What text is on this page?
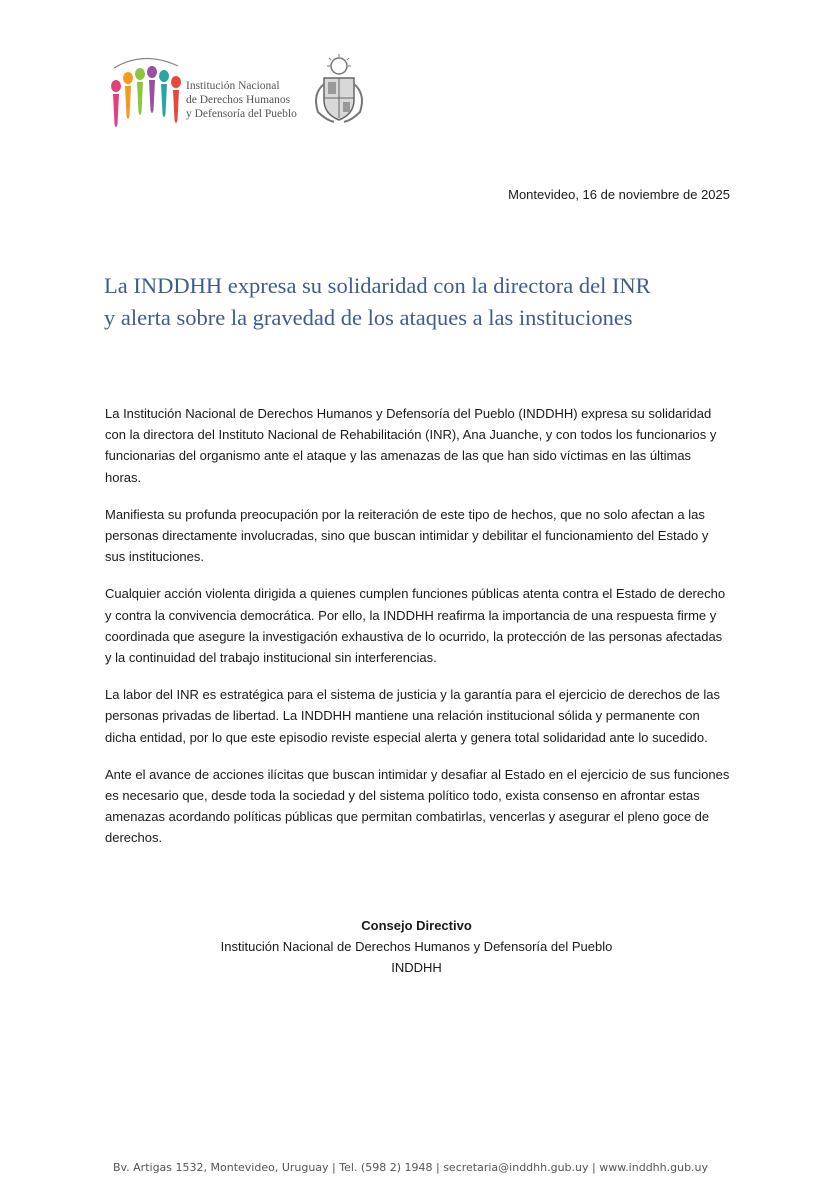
Institución Nacional
de Derechos Humanos
y Defensoría del Pueblo
Montevideo, 16 de noviembre de 2025
La INDDHH expresa su solidaridad con la directora del INR
y alerta sobre la gravedad de los ataques a las instituciones

La Institución Nacional de Derechos Humanos y Defensoría del Pueblo (INDDHH) expresa su solidaridad con la directora del Instituto Nacional de Rehabilitación (INR), Ana Juanche, y con todos los funcionarios y funcionarias del organismo ante el ataque y las amenazas de las que han sido víctimas en las últimas horas.

Manifiesta su profunda preocupación por la reiteración de este tipo de hechos, que no solo afectan a las personas directamente involucradas, sino que buscan intimidar y debilitar el funcionamiento del Estado y sus instituciones.

Cualquier acción violenta dirigida a quienes cumplen funciones públicas atenta contra el Estado de derecho y contra la convivencia democrática. Por ello, la INDDHH reafirma la importancia de una respuesta firme y coordinada que asegure la investigación exhaustiva de lo ocurrido, la protección de las personas afectadas y la continuidad del trabajo institucional sin interferencias.

La labor del INR es estratégica para el sistema de justicia y la garantía para el ejercicio de derechos de las personas privadas de libertad. La INDDHH mantiene una relación institucional sólida y permanente con dicha entidad, por lo que este episodio reviste especial alerta y genera total solidaridad ante lo sucedido.

Ante el avance de acciones ilícitas que buscan intimidar y desafiar al Estado en el ejercicio de sus funciones es necesario que, desde toda la sociedad y del sistema político todo, exista consenso en afrontar estas amenazas acordando políticas públicas que permitan combatirlas, vencerlas y asegurar el pleno goce de derechos.

Consejo Directivo
Institución Nacional de Derechos Humanos y Defensoría del Pueblo
INDDHH
Bv. Artigas 1532, Montevideo, Uruguay | Tel. (598 2) 1948 | secretaria@inddhh.gub.uy | www.inddhh.gub.uy
